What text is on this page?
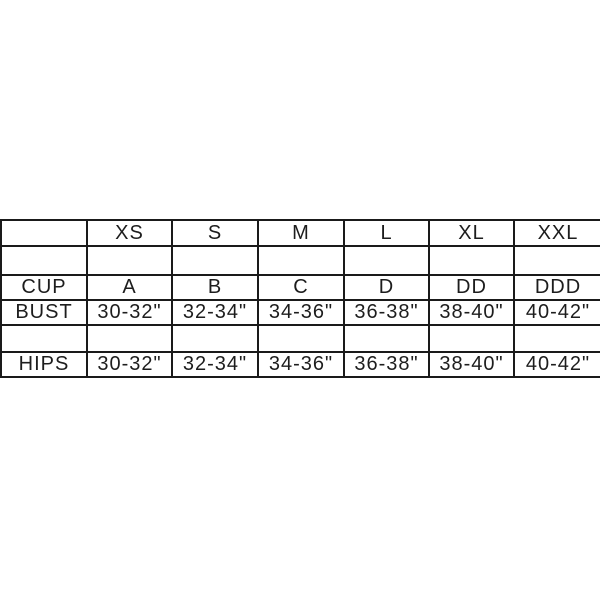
	XS	S	M	L	XL	XXL

CUP	A	B	C	D	DD	DDD
BUST	30-32"	32-34"	34-36"	36-38"	38-40"	40-42"

HIPS	30-32"	32-34"	34-36"	36-38"	38-40"	40-42"
